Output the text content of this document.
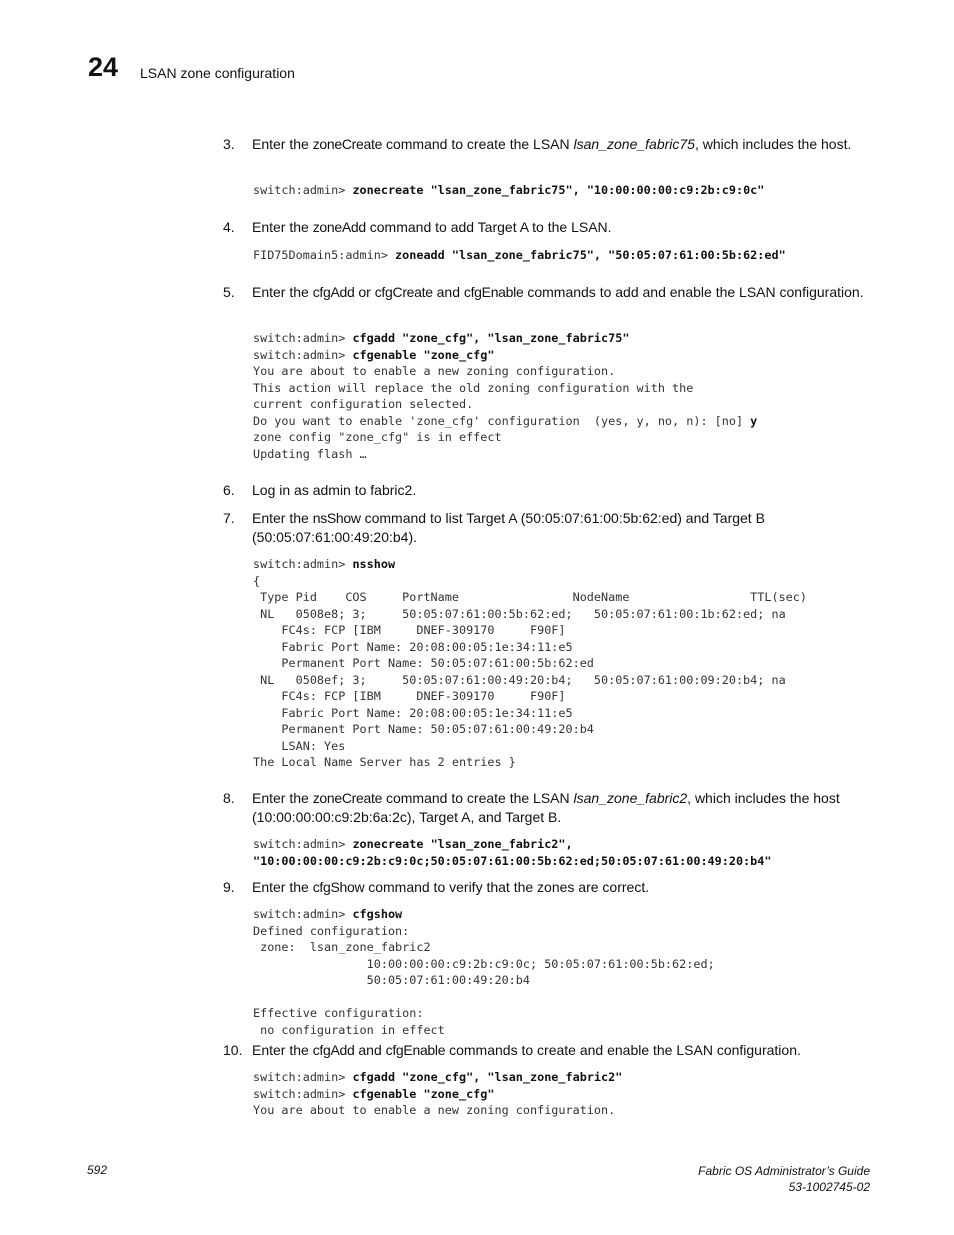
24 LSAN zone configuration
3. Enter the zoneCreate command to create the LSAN lsan_zone_fabric75, which includes the host.
switch:admin> zonecreate "lsan_zone_fabric75", "10:00:00:00:c9:2b:c9:0c"
4. Enter the zoneAdd command to add Target A to the LSAN.
FID75Domain5:admin> zoneadd "lsan_zone_fabric75", "50:05:07:61:00:5b:62:ed"
5. Enter the cfgAdd or cfgCreate and cfgEnable commands to add and enable the LSAN configuration.
switch:admin> cfgadd "zone_cfg", "lsan_zone_fabric75"
switch:admin> cfgenable "zone_cfg"
You are about to enable a new zoning configuration.
This action will replace the old zoning configuration with the
current configuration selected.
Do you want to enable 'zone_cfg' configuration  (yes, y, no, n): [no] y
zone config "zone_cfg" is in effect
Updating flash …
6. Log in as admin to fabric2.
7. Enter the nsShow command to list Target A (50:05:07:61:00:5b:62:ed) and Target B (50:05:07:61:00:49:20:b4).
switch:admin> nsshow
{
Type Pid    COS     PortName                NodeName                 TTL(sec)
NL   0508e8; 3;     50:05:07:61:00:5b:62:ed;   50:05:07:61:00:1b:62:ed; na
FC4s: FCP [IBM     DNEF-309170     F90F]
Fabric Port Name: 20:08:00:05:1e:34:11:e5
Permanent Port Name: 50:05:07:61:00:5b:62:ed
NL   0508ef; 3;     50:05:07:61:00:49:20:b4;   50:05:07:61:00:09:20:b4; na
FC4s: FCP [IBM     DNEF-309170     F90F]
Fabric Port Name: 20:08:00:05:1e:34:11:e5
Permanent Port Name: 50:05:07:61:00:49:20:b4
LSAN: Yes
The Local Name Server has 2 entries }
8. Enter the zoneCreate command to create the LSAN lsan_zone_fabric2, which includes the host (10:00:00:00:c9:2b:6a:2c), Target A, and Target B.
switch:admin> zonecreate "lsan_zone_fabric2",
"10:00:00:00:c9:2b:c9:0c;50:05:07:61:00:5b:62:ed;50:05:07:61:00:49:20:b4"
9. Enter the cfgShow command to verify that the zones are correct.
switch:admin> cfgshow
Defined configuration:
zone:  lsan_zone_fabric2
10:00:00:00:c9:2b:c9:0c; 50:05:07:61:00:5b:62:ed;
50:05:07:61:00:49:20:b4

Effective configuration:
no configuration in effect
10. Enter the cfgAdd and cfgEnable commands to create and enable the LSAN configuration.
switch:admin> cfgadd "zone_cfg", "lsan_zone_fabric2"
switch:admin> cfgenable "zone_cfg"
You are about to enable a new zoning configuration.
592	Fabric OS Administrator’s Guide
53-1002745-02
